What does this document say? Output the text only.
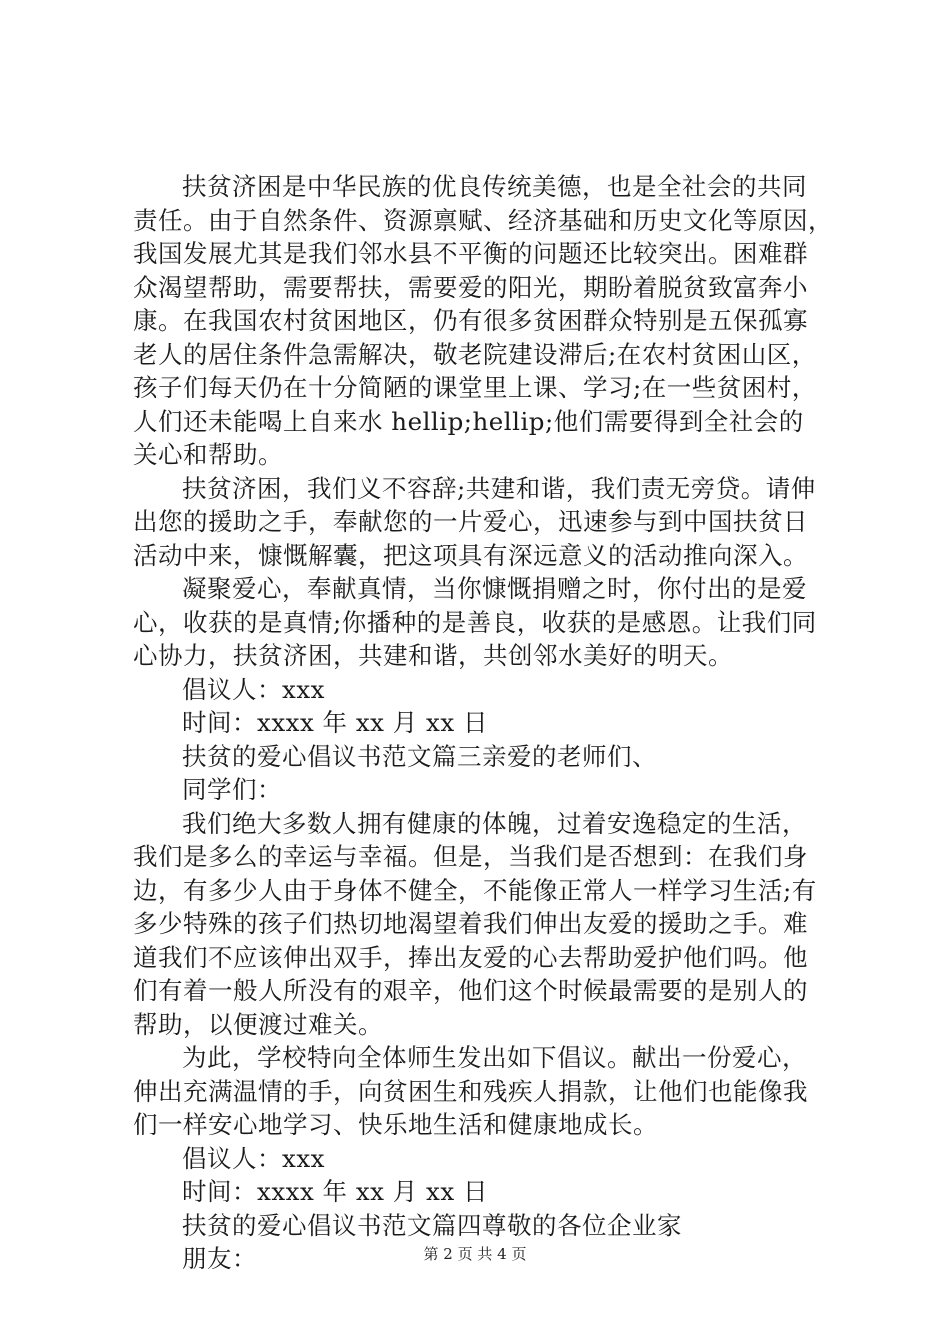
扶贫济困是中华民族的优良传统美德，也是全社会的共同
责任。由于自然条件、资源禀赋、经济基础和历史文化等原因，
我国发展尤其是我们邻水县不平衡的问题还比较突出。困难群
众渴望帮助，需要帮扶，需要爱的阳光，期盼着脱贫致富奔小
康。在我国农村贫困地区，仍有很多贫困群众特别是五保孤寡
老人的居住条件急需解决，敬老院建设滞后;在农村贫困山区，
孩子们每天仍在十分简陋的课堂里上课、学习;在一些贫困村，
人们还未能喝上自来水 hellip;hellip;他们需要得到全社会的
关心和帮助。
扶贫济困，我们义不容辞;共建和谐，我们责无旁贷。请伸
出您的援助之手，奉献您的一片爱心，迅速参与到中国扶贫日
活动中来，慷慨解囊，把这项具有深远意义的活动推向深入。
凝聚爱心，奉献真情，当你慷慨捐赠之时，你付出的是爱
心，收获的是真情;你播种的是善良，收获的是感恩。让我们同
心协力，扶贫济困，共建和谐，共创邻水美好的明天。
倡议人：xxx
时间：xxxx 年 xx 月 xx 日
扶贫的爱心倡议书范文篇三亲爱的老师们、
同学们：
我们绝大多数人拥有健康的体魄，过着安逸稳定的生活，
我们是多么的幸运与幸福。但是，当我们是否想到：在我们身
边，有多少人由于身体不健全，不能像正常人一样学习生活;有
多少特殊的孩子们热切地渴望着我们伸出友爱的援助之手。难
道我们不应该伸出双手，捧出友爱的心去帮助爱护他们吗。他
们有着一般人所没有的艰辛，他们这个时候最需要的是别人的
帮助，以便渡过难关。
为此，学校特向全体师生发出如下倡议。献出一份爱心，
伸出充满温情的手，向贫困生和残疾人捐款，让他们也能像我
们一样安心地学习、快乐地生活和健康地成长。
倡议人：xxx
时间：xxxx 年 xx 月 xx 日
扶贫的爱心倡议书范文篇四尊敬的各位企业家
朋友：	第 2 页 共 4 页
